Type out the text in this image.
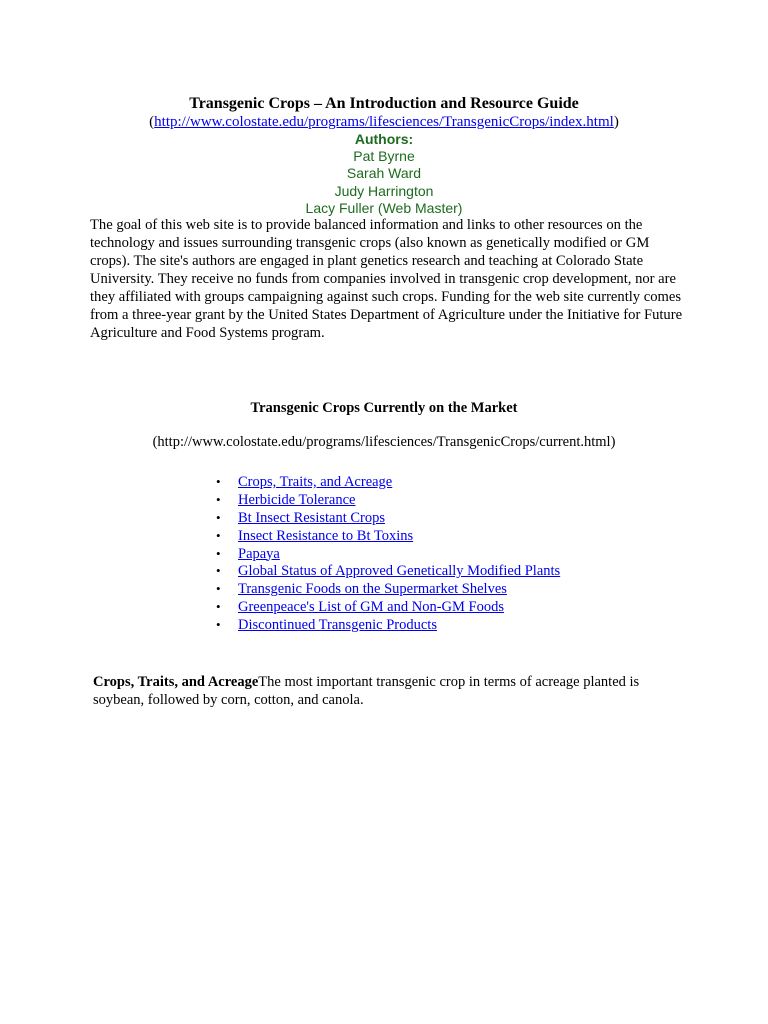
Transgenic Crops – An Introduction and Resource Guide
(http://www.colostate.edu/programs/lifesciences/TransgenicCrops/index.html)
Authors:
Pat Byrne
Sarah Ward
Judy Harrington
Lacy Fuller (Web Master)

The goal of this web site is to provide balanced information and links to other resources on the technology and issues surrounding transgenic crops (also known as genetically modified or GM crops). The site's authors are engaged in plant genetics research and teaching at Colorado State University. They receive no funds from companies involved in transgenic crop development, nor are they affiliated with groups campaigning against such crops. Funding for the web site currently comes from a three-year grant by the United States Department of Agriculture under the Initiative for Future Agriculture and Food Systems program.

Transgenic Crops Currently on the Market
(http://www.colostate.edu/programs/lifesciences/TransgenicCrops/current.html)
• Crops, Traits, and Acreage
• Herbicide Tolerance
• Bt Insect Resistant Crops
• Insect Resistance to Bt Toxins
• Papaya
• Global Status of Approved Genetically Modified Plants
• Transgenic Foods on the Supermarket Shelves
• Greenpeace's List of GM and Non-GM Foods
• Discontinued Transgenic Products

Crops, Traits, and AcreageThe most important transgenic crop in terms of acreage planted is soybean, followed by corn, cotton, and canola.
